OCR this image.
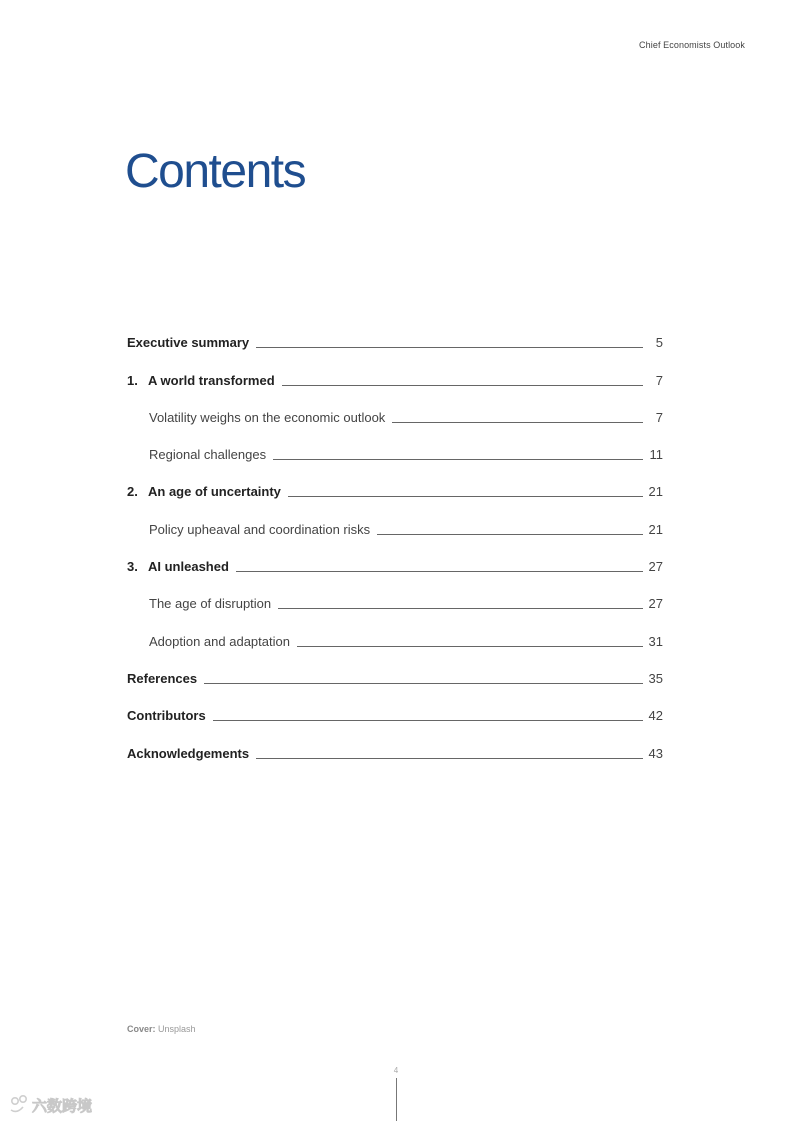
Chief Economists Outlook
Contents
Executive summary	5
1. A world transformed	7
Volatility weighs on the economic outlook	7
Regional challenges	11
2. An age of uncertainty	21
Policy upheaval and coordination risks	21
3. AI unleashed	27
The age of disruption	27
Adoption and adaptation	31
References	35
Contributors	42
Acknowledgements	43
Cover: Unsplash
4
六数跨境
